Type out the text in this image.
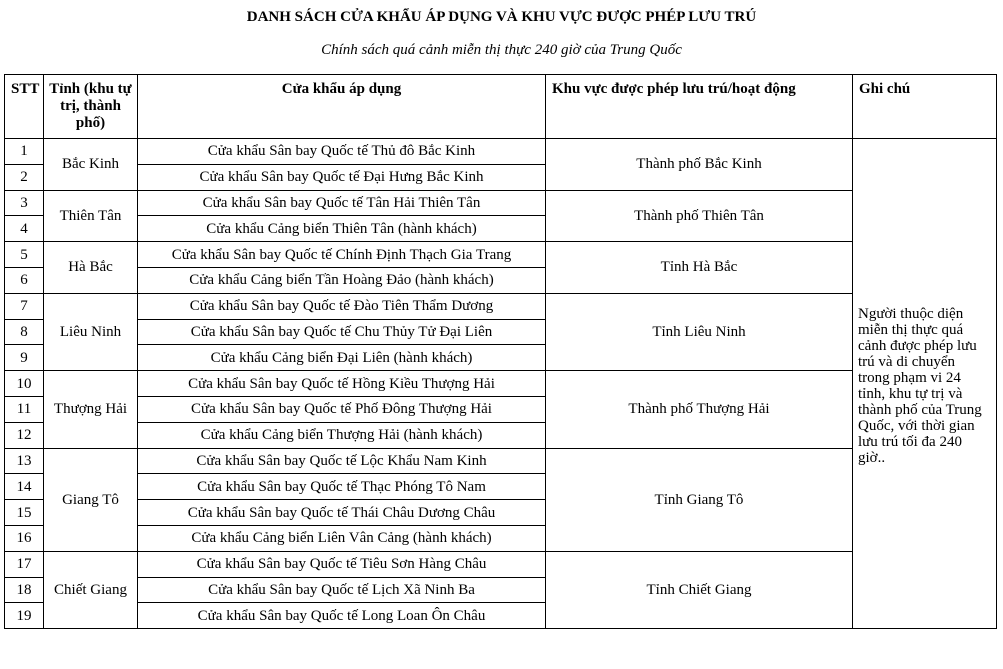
DANH SÁCH CỬA KHẨU ÁP DỤNG VÀ KHU VỰC ĐƯỢC PHÉP LƯU TRÚ
Chính sách quá cảnh miễn thị thực 240 giờ của Trung Quốc
STT	Tỉnh (khu tự trị, thành phố)	Cửa khẩu áp dụng	Khu vực được phép lưu trú/hoạt động	Ghi chú
1	Bắc Kinh	Cửa khẩu Sân bay Quốc tế Thủ đô Bắc Kinh	Thành phố Bắc Kinh	Người thuộc diện miễn thị thực quá cảnh được phép lưu trú và di chuyển trong phạm vi 24 tỉnh, khu tự trị và thành phố của Trung Quốc, với thời gian lưu trú tối đa 240 giờ..
2		Cửa khẩu Sân bay Quốc tế Đại Hưng Bắc Kinh		
3	Thiên Tân	Cửa khẩu Sân bay Quốc tế Tân Hải Thiên Tân	Thành phố Thiên Tân	
4		Cửa khẩu Cảng biển Thiên Tân (hành khách)		
5	Hà Bắc	Cửa khẩu Sân bay Quốc tế Chính Định Thạch Gia Trang	Tỉnh Hà Bắc	
6		Cửa khẩu Cảng biển Tần Hoàng Đảo (hành khách)		
7	Liêu Ninh	Cửa khẩu Sân bay Quốc tế Đào Tiên Thẩm Dương	Tỉnh Liêu Ninh	
8		Cửa khẩu Sân bay Quốc tế Chu Thủy Tử Đại Liên		
9		Cửa khẩu Cảng biển Đại Liên (hành khách)		
10	Thượng Hải	Cửa khẩu Sân bay Quốc tế Hồng Kiều Thượng Hải	Thành phố Thượng Hải	
11		Cửa khẩu Sân bay Quốc tế Phố Đông Thượng Hải		
12		Cửa khẩu Cảng biển Thượng Hải (hành khách)		
13	Giang Tô	Cửa khẩu Sân bay Quốc tế Lộc Khẩu Nam Kinh	Tỉnh Giang Tô	
14		Cửa khẩu Sân bay Quốc tế Thạc Phóng Tô Nam		
15		Cửa khẩu Sân bay Quốc tế Thái Châu Dương Châu		
16		Cửa khẩu Cảng biển Liên Vân Cảng (hành khách)		
17	Chiết Giang	Cửa khẩu Sân bay Quốc tế Tiêu Sơn Hàng Châu	Tỉnh Chiết Giang	
18		Cửa khẩu Sân bay Quốc tế Lịch Xã Ninh Ba		
19		Cửa khẩu Sân bay Quốc tế Long Loan Ôn Châu		
